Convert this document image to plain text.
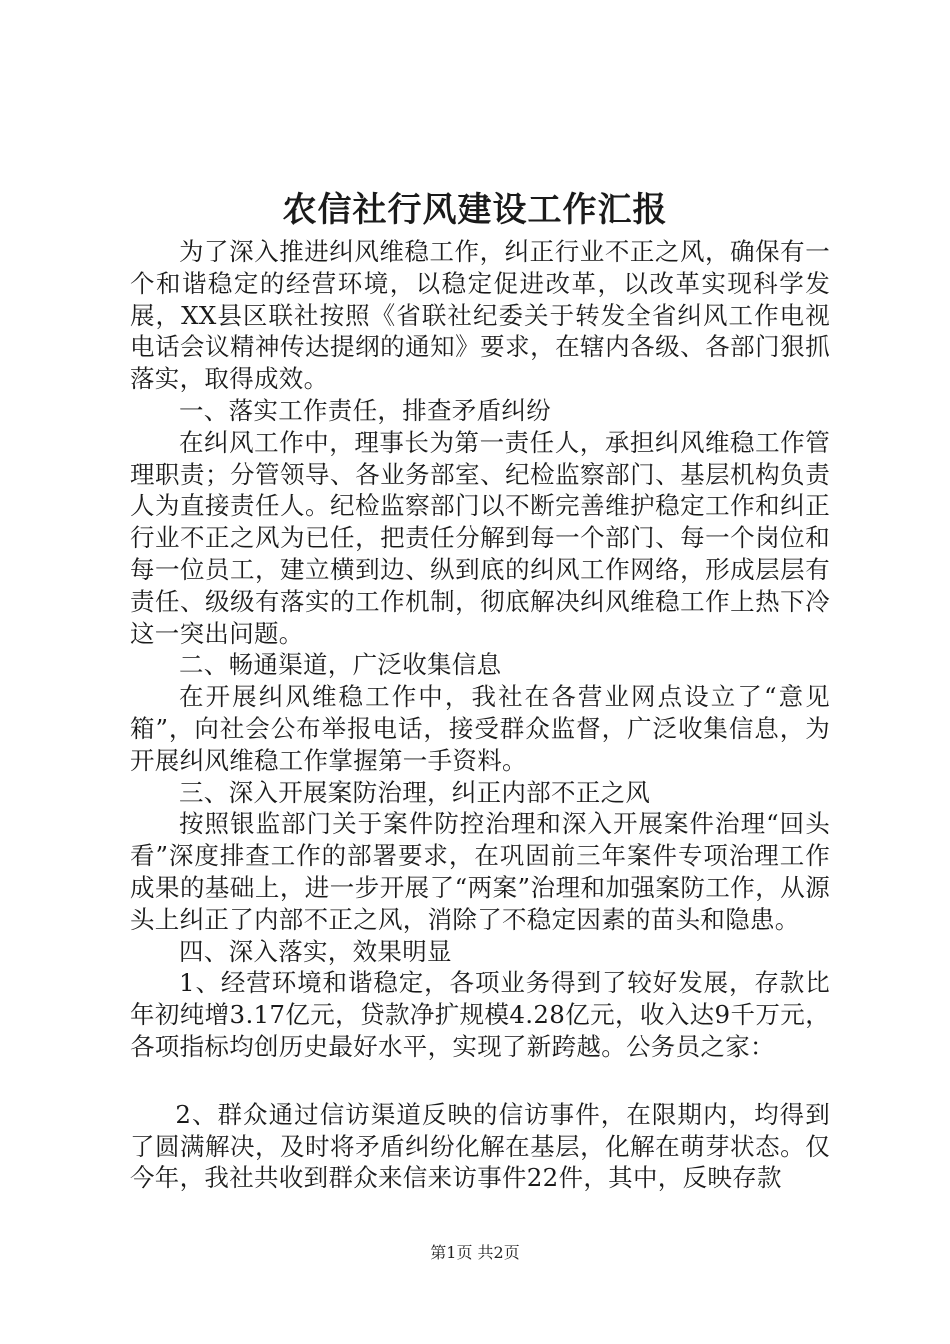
农信社行风建设工作汇报

为了深入推进纠风维稳工作，纠正行业不正之风，确保有一个和谐稳定的经营环境，以稳定促进改革，以改革实现科学发展，XX县区联社按照《省联社纪委关于转发全省纠风工作电视电话会议精神传达提纲的通知》要求，在辖内各级、各部门狠抓落实，取得成效。

一、落实工作责任，排查矛盾纠纷

在纠风工作中，理事长为第一责任人，承担纠风维稳工作管理职责；分管领导、各业务部室、纪检监察部门、基层机构负责人为直接责任人。纪检监察部门以不断完善维护稳定工作和纠正行业不正之风为已任，把责任分解到每一个部门、每一个岗位和每一位员工，建立横到边、纵到底的纠风工作网络，形成层层有责任、级级有落实的工作机制，彻底解决纠风维稳工作上热下冷这一突出问题。

二、畅通渠道，广泛收集信息

在开展纠风维稳工作中，我社在各营业网点设立了“意见箱”，向社会公布举报电话，接受群众监督，广泛收集信息，为开展纠风维稳工作掌握第一手资料。

三、深入开展案防治理，纠正内部不正之风

按照银监部门关于案件防控治理和深入开展案件治理“回头看”深度排查工作的部署要求，在巩固前三年案件专项治理工作成果的基础上，进一步开展了“两案”治理和加强案防工作，从源头上纠正了内部不正之风，消除了不稳定因素的苗头和隐患。

四、深入落实，效果明显

1、经营环境和谐稳定，各项业务得到了较好发展，存款比年初纯增3.17亿元，贷款净扩规模4.28亿元，收入达9千万元，各项指标均创历史最好水平，实现了新跨越。公务员之家：

2、群众通过信访渠道反映的信访事件，在限期内，均得到了圆满解决，及时将矛盾纠纷化解在基层，化解在萌芽状态。仅今年，我社共收到群众来信来访事件22件，其中，反映存款

第1页 共2页
